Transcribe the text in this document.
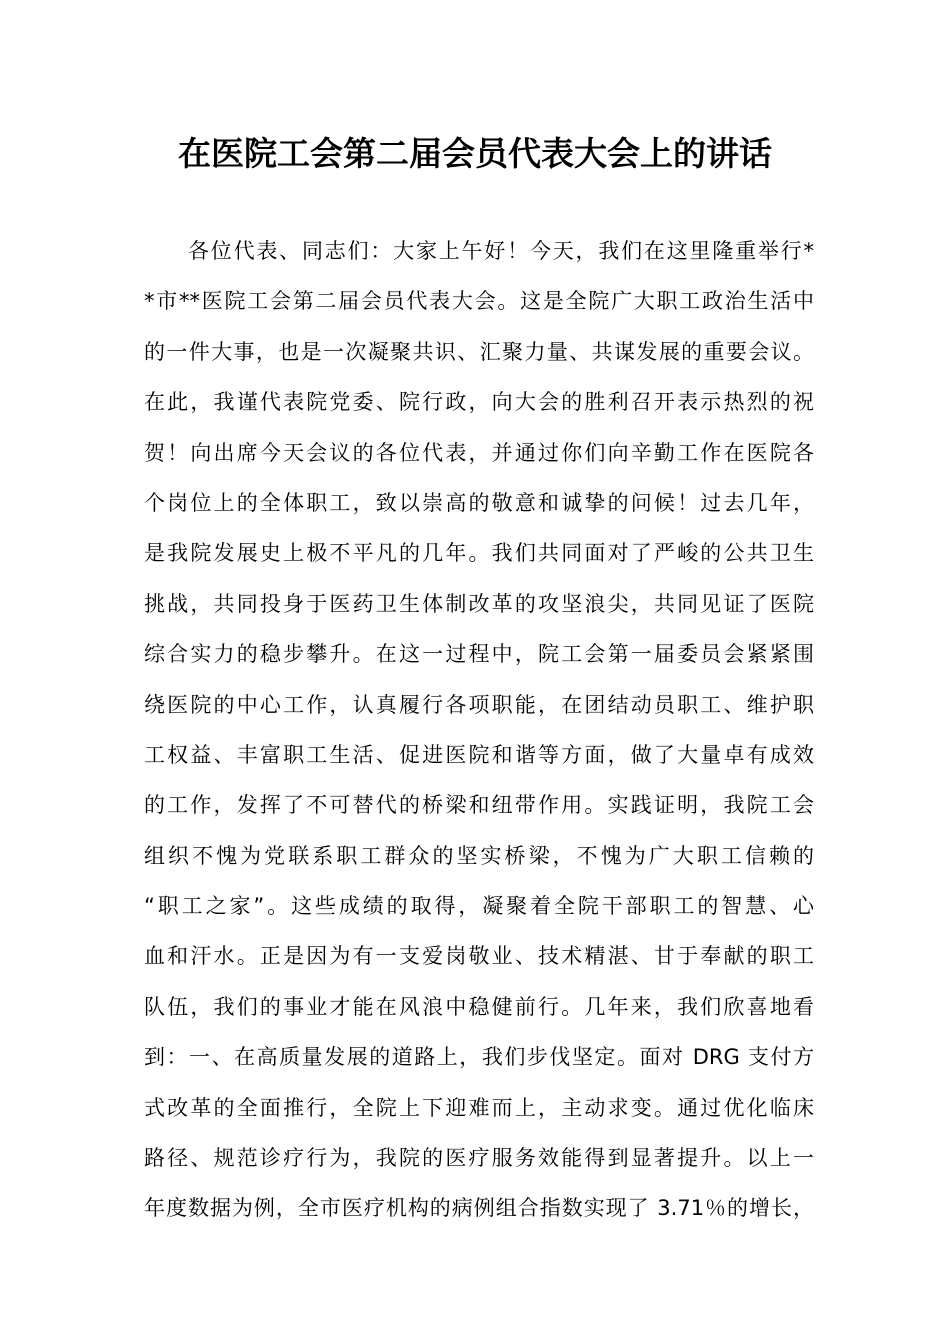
在医院工会第二届会员代表大会上的讲话
各位代表、同志们：大家上午好！今天，我们在这里隆重举行*
*市**医院工会第二届会员代表大会。这是全院广大职工政治生活中
的一件大事，也是一次凝聚共识、汇聚力量、共谋发展的重要会议。
在此，我谨代表院党委、院行政，向大会的胜利召开表示热烈的祝
贺！向出席今天会议的各位代表，并通过你们向辛勤工作在医院各
个岗位上的全体职工，致以崇高的敬意和诚挚的问候！过去几年，
是我院发展史上极不平凡的几年。我们共同面对了严峻的公共卫生
挑战，共同投身于医药卫生体制改革的攻坚浪尖，共同见证了医院
综合实力的稳步攀升。在这一过程中，院工会第一届委员会紧紧围
绕医院的中心工作，认真履行各项职能，在团结动员职工、维护职
工权益、丰富职工生活、促进医院和谐等方面，做了大量卓有成效
的工作，发挥了不可替代的桥梁和纽带作用。实践证明，我院工会
组织不愧为党联系职工群众的坚实桥梁，不愧为广大职工信赖的
“职工之家”。这些成绩的取得，凝聚着全院干部职工的智慧、心
血和汗水。正是因为有一支爱岗敬业、技术精湛、甘于奉献的职工
队伍，我们的事业才能在风浪中稳健前行。几年来，我们欣喜地看
到：一、在高质量发展的道路上，我们步伐坚定。面对 DRG 支付方
式改革的全面推行，全院上下迎难而上，主动求变。通过优化临床
路径、规范诊疗行为，我院的医疗服务效能得到显著提升。以上一
年度数据为例，全市医疗机构的病例组合指数实现了 3.71％的增长，
